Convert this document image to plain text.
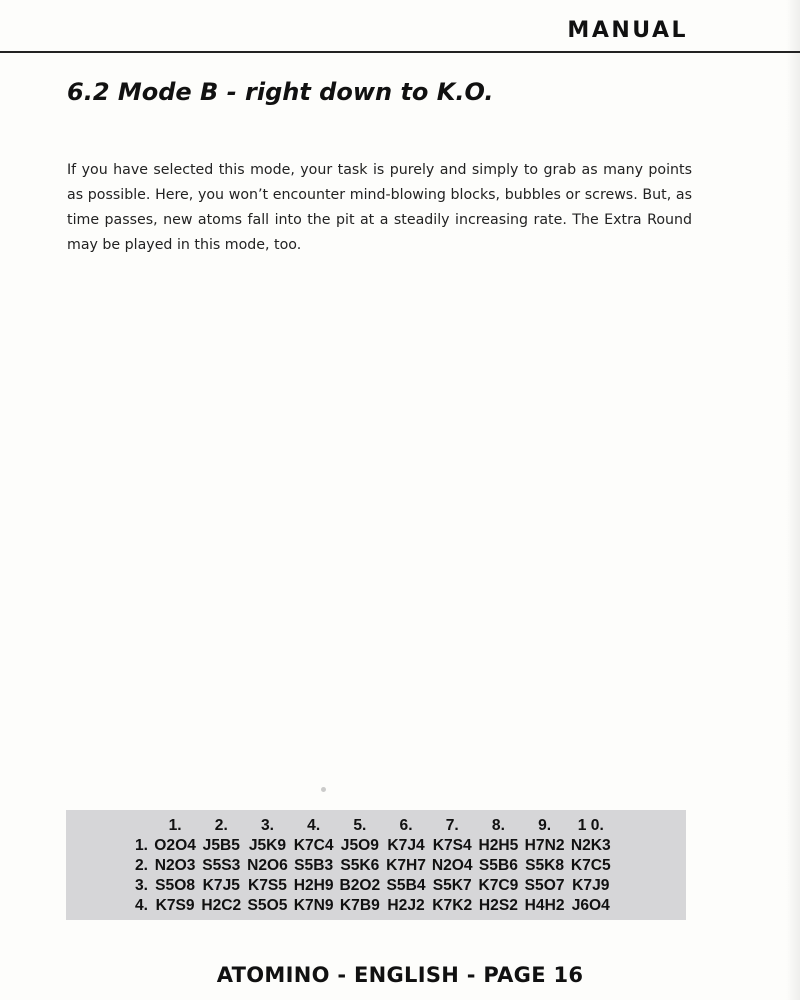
MANUAL
6.2 Mode B - right down to K.O.

If you have selected this mode, your task is purely and simply to grab as many points as possible. Here, you won’t encounter mind-blowing blocks, bubbles or screws. But, as time passes, new atoms fall into the pit at a steadily increasing rate. The Extra Round may be played in this mode, too.

1.	2.	3.	4.	5.	6.	7.	8.	9.	1 0.
1. O2O4 J5B5 J5K9 K7C4 J5O9 K7J4 K7S4 H2H5 H7N2 N2K3
2. N2O3 S5S3 N2O6 S5B3 S5K6 K7H7 N2O4 S5B6 S5K8 K7C5
3. S5O8 K7J5 K7S5 H2H9 B2O2 S5B4 S5K7 K7C9 S5O7 K7J9
4. K7S9 H2C2 S5O5 K7N9 K7B9 H2J2 K7K2 H2S2 H4H2 J6O4
ATOMINO - ENGLISH - PAGE 16
